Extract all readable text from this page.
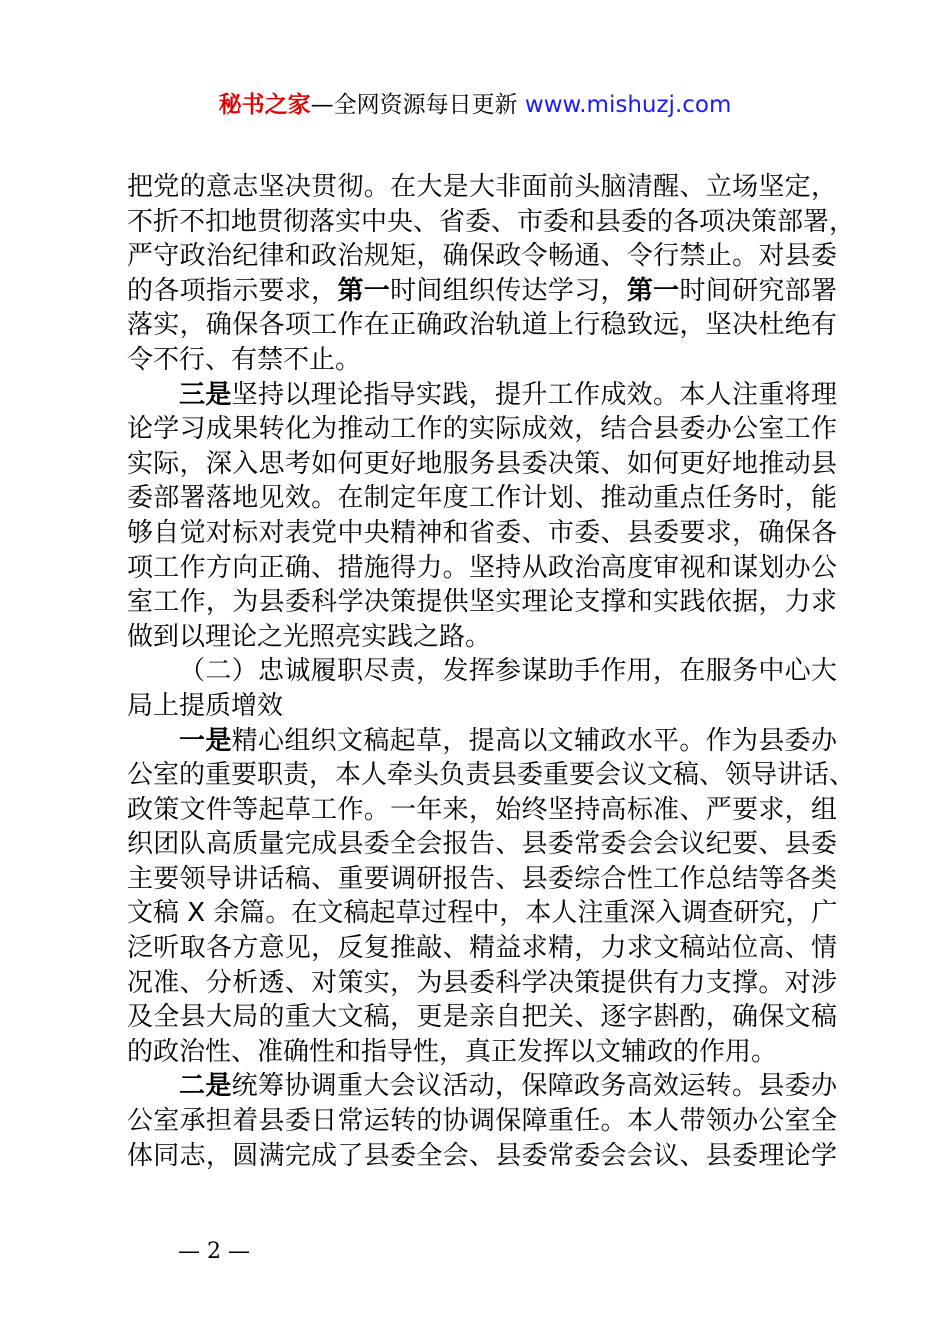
秘书之家—全网资源每日更新 www.mishuzj.com
把党的意志坚决贯彻。在大是大非面前头脑清醒、立场坚定，
不折不扣地贯彻落实中央、省委、市委和县委的各项决策部署，
严守政治纪律和政治规矩，确保政令畅通、令行禁止。对县委
的各项指示要求，第一时间组织传达学习，第一时间研究部署
落实，确保各项工作在正确政治轨道上行稳致远，坚决杜绝有
令不行、有禁不止。
三是坚持以理论指导实践，提升工作成效。本人注重将理
论学习成果转化为推动工作的实际成效，结合县委办公室工作
实际，深入思考如何更好地服务县委决策、如何更好地推动县
委部署落地见效。在制定年度工作计划、推动重点任务时，能
够自觉对标对表党中央精神和省委、市委、县委要求，确保各
项工作方向正确、措施得力。坚持从政治高度审视和谋划办公
室工作，为县委科学决策提供坚实理论支撑和实践依据，力求
做到以理论之光照亮实践之路。
（二）忠诚履职尽责，发挥参谋助手作用，在服务中心大
局上提质增效
一是精心组织文稿起草，提高以文辅政水平。作为县委办
公室的重要职责，本人牵头负责县委重要会议文稿、领导讲话、
政策文件等起草工作。一年来，始终坚持高标准、严要求，组
织团队高质量完成县委全会报告、县委常委会会议纪要、县委
主要领导讲话稿、重要调研报告、县委综合性工作总结等各类
文稿 X 余篇。在文稿起草过程中，本人注重深入调查研究，广
泛听取各方意见，反复推敲、精益求精，力求文稿站位高、情
况准、分析透、对策实，为县委科学决策提供有力支撑。对涉
及全县大局的重大文稿，更是亲自把关、逐字斟酌，确保文稿
的政治性、准确性和指导性，真正发挥以文辅政的作用。
二是统筹协调重大会议活动，保障政务高效运转。县委办
公室承担着县委日常运转的协调保障重任。本人带领办公室全
体同志，圆满完成了县委全会、县委常委会会议、县委理论学
— 2 —
